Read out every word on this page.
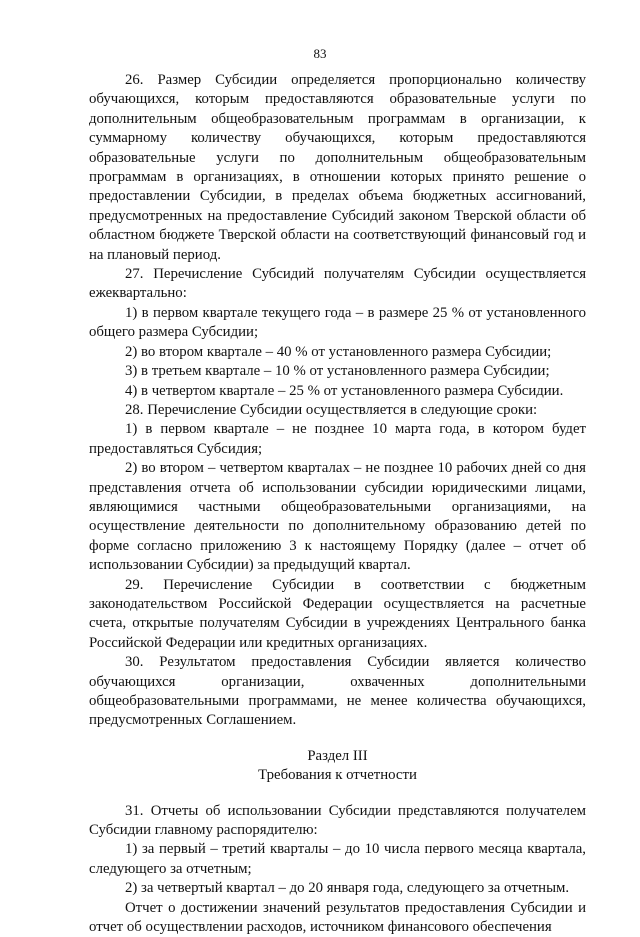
83

26. Размер Субсидии определяется пропорционально количеству обучающихся, которым предоставляются образовательные услуги по дополнительным общеобразовательным программам в организации, к суммарному количеству обучающихся, которым предоставляются образовательные услуги по дополнительным общеобразовательным программам в организациях, в отношении которых принято решение о предоставлении Субсидии, в пределах объема бюджетных ассигнований, предусмотренных на предоставление Субсидий законом Тверской области об областном бюджете Тверской области на соответствующий финансовый год и на плановый период.

27. Перечисление Субсидий получателям Субсидии осуществляется ежеквартально:

1) в первом квартале текущего года – в размере 25 % от установленного общего размера Субсидии;

2) во втором квартале – 40 % от установленного размера Субсидии;

3) в третьем квартале – 10 % от установленного размера Субсидии;

4) в четвертом квартале – 25 % от установленного размера Субсидии.

28. Перечисление Субсидии осуществляется в следующие сроки:

1) в первом квартале – не позднее 10 марта года, в котором будет предоставляться Субсидия;

2) во втором – четвертом кварталах – не позднее 10 рабочих дней со дня представления отчета об использовании субсидии юридическими лицами, являющимися частными общеобразовательными организациями, на осуществление деятельности по дополнительному образованию детей по форме согласно приложению 3 к настоящему Порядку (далее – отчет об использовании Субсидии) за предыдущий квартал.

29. Перечисление Субсидии в соответствии с бюджетным законодательством Российской Федерации осуществляется на расчетные счета, открытые получателям Субсидии в учреждениях Центрального банка Российской Федерации или кредитных организациях.

30. Результатом предоставления Субсидии является количество обучающихся организации, охваченных дополнительными общеобразовательными программами, не менее количества обучающихся, предусмотренных Соглашением.

Раздел III

Требования к отчетности

31. Отчеты об использовании Субсидии представляются получателем Субсидии главному распорядителю:

1) за первый – третий кварталы – до 10 числа первого месяца квартала, следующего за отчетным;

2) за четвертый квартал – до 20 января года, следующего за отчетным.

Отчет о достижении значений результатов предоставления Субсидии и отчет об осуществлении расходов, источником финансового обеспечения
